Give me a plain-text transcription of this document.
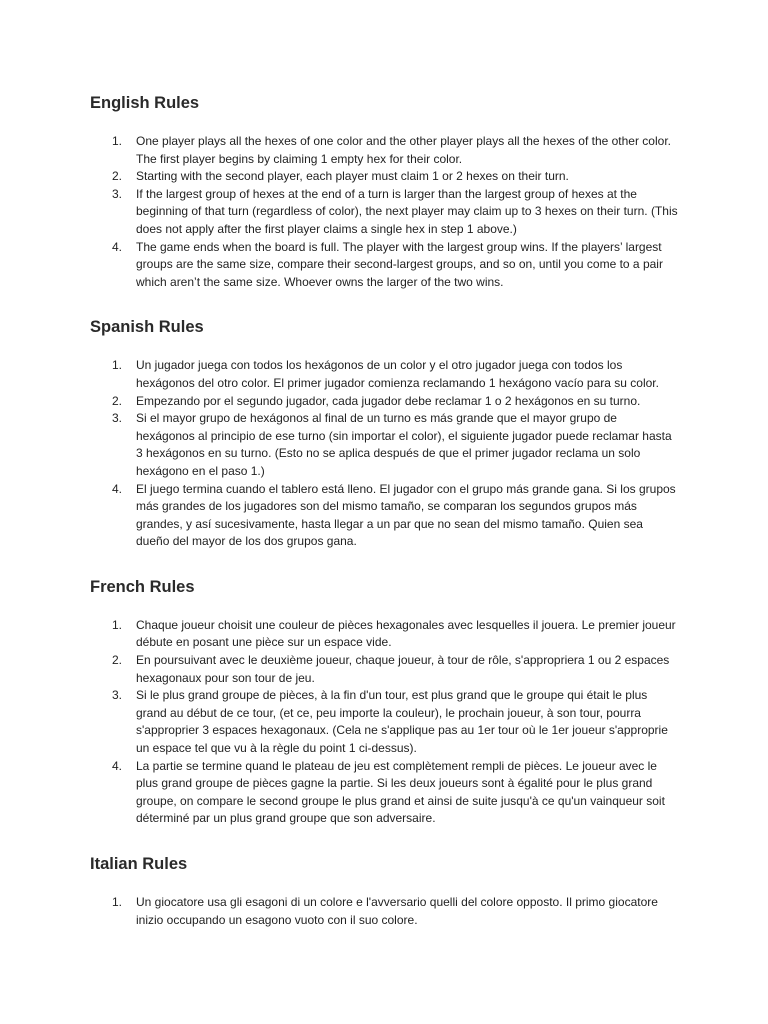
English Rules
1. One player plays all the hexes of one color and the other player plays all the hexes of the other color. The first player begins by claiming 1 empty hex for their color.
2. Starting with the second player, each player must claim 1 or 2 hexes on their turn.
3. If the largest group of hexes at the end of a turn is larger than the largest group of hexes at the beginning of that turn (regardless of color), the next player may claim up to 3 hexes on their turn. (This does not apply after the first player claims a single hex in step 1 above.)
4. The game ends when the board is full. The player with the largest group wins. If the players’ largest groups are the same size, compare their second-largest groups, and so on, until you come to a pair which aren’t the same size. Whoever owns the larger of the two wins.
Spanish Rules
1. Un jugador juega con todos los hexágonos de un color y el otro jugador juega con todos los hexágonos del otro color. El primer jugador comienza reclamando 1 hexágono vacío para su color.
2. Empezando por el segundo jugador, cada jugador debe reclamar 1 o 2 hexágonos en su turno.
3. Si el mayor grupo de hexágonos al final de un turno es más grande que el mayor grupo de hexágonos al principio de ese turno (sin importar el color), el siguiente jugador puede reclamar hasta 3 hexágonos en su turno. (Esto no se aplica después de que el primer jugador reclama un solo hexágono en el paso 1.)
4. El juego termina cuando el tablero está lleno. El jugador con el grupo más grande gana. Si los grupos más grandes de los jugadores son del mismo tamaño, se comparan los segundos grupos más grandes, y así sucesivamente, hasta llegar a un par que no sean del mismo tamaño. Quien sea dueño del mayor de los dos grupos gana.
French Rules
1. Chaque joueur choisit une couleur de pièces hexagonales avec lesquelles il jouera. Le premier joueur débute en posant une pièce sur un espace vide.
2. En poursuivant avec le deuxième joueur, chaque joueur, à tour de rôle, s'appropriera 1 ou 2 espaces hexagonaux pour son tour de jeu.
3. Si le plus grand groupe de pièces, à la fin d'un tour, est plus grand que le groupe qui était le plus grand au début de ce tour, (et ce, peu importe la couleur), le prochain joueur, à son tour, pourra s'approprier 3 espaces hexagonaux. (Cela ne s'applique pas au 1er tour où le 1er joueur s'approprie un espace tel que vu à la règle du point 1 ci-dessus).
4. La partie se termine quand le plateau de jeu est complètement rempli de pièces. Le joueur avec le plus grand groupe de pièces gagne la partie. Si les deux joueurs sont à égalité pour le plus grand groupe, on compare le second groupe le plus grand et ainsi de suite jusqu'à ce qu'un vainqueur soit déterminé par un plus grand groupe que son adversaire.
Italian Rules
1. Un giocatore usa gli esagoni di un colore e l'avversario quelli del colore opposto. Il primo giocatore inizio occupando un esagono vuoto con il suo colore.
